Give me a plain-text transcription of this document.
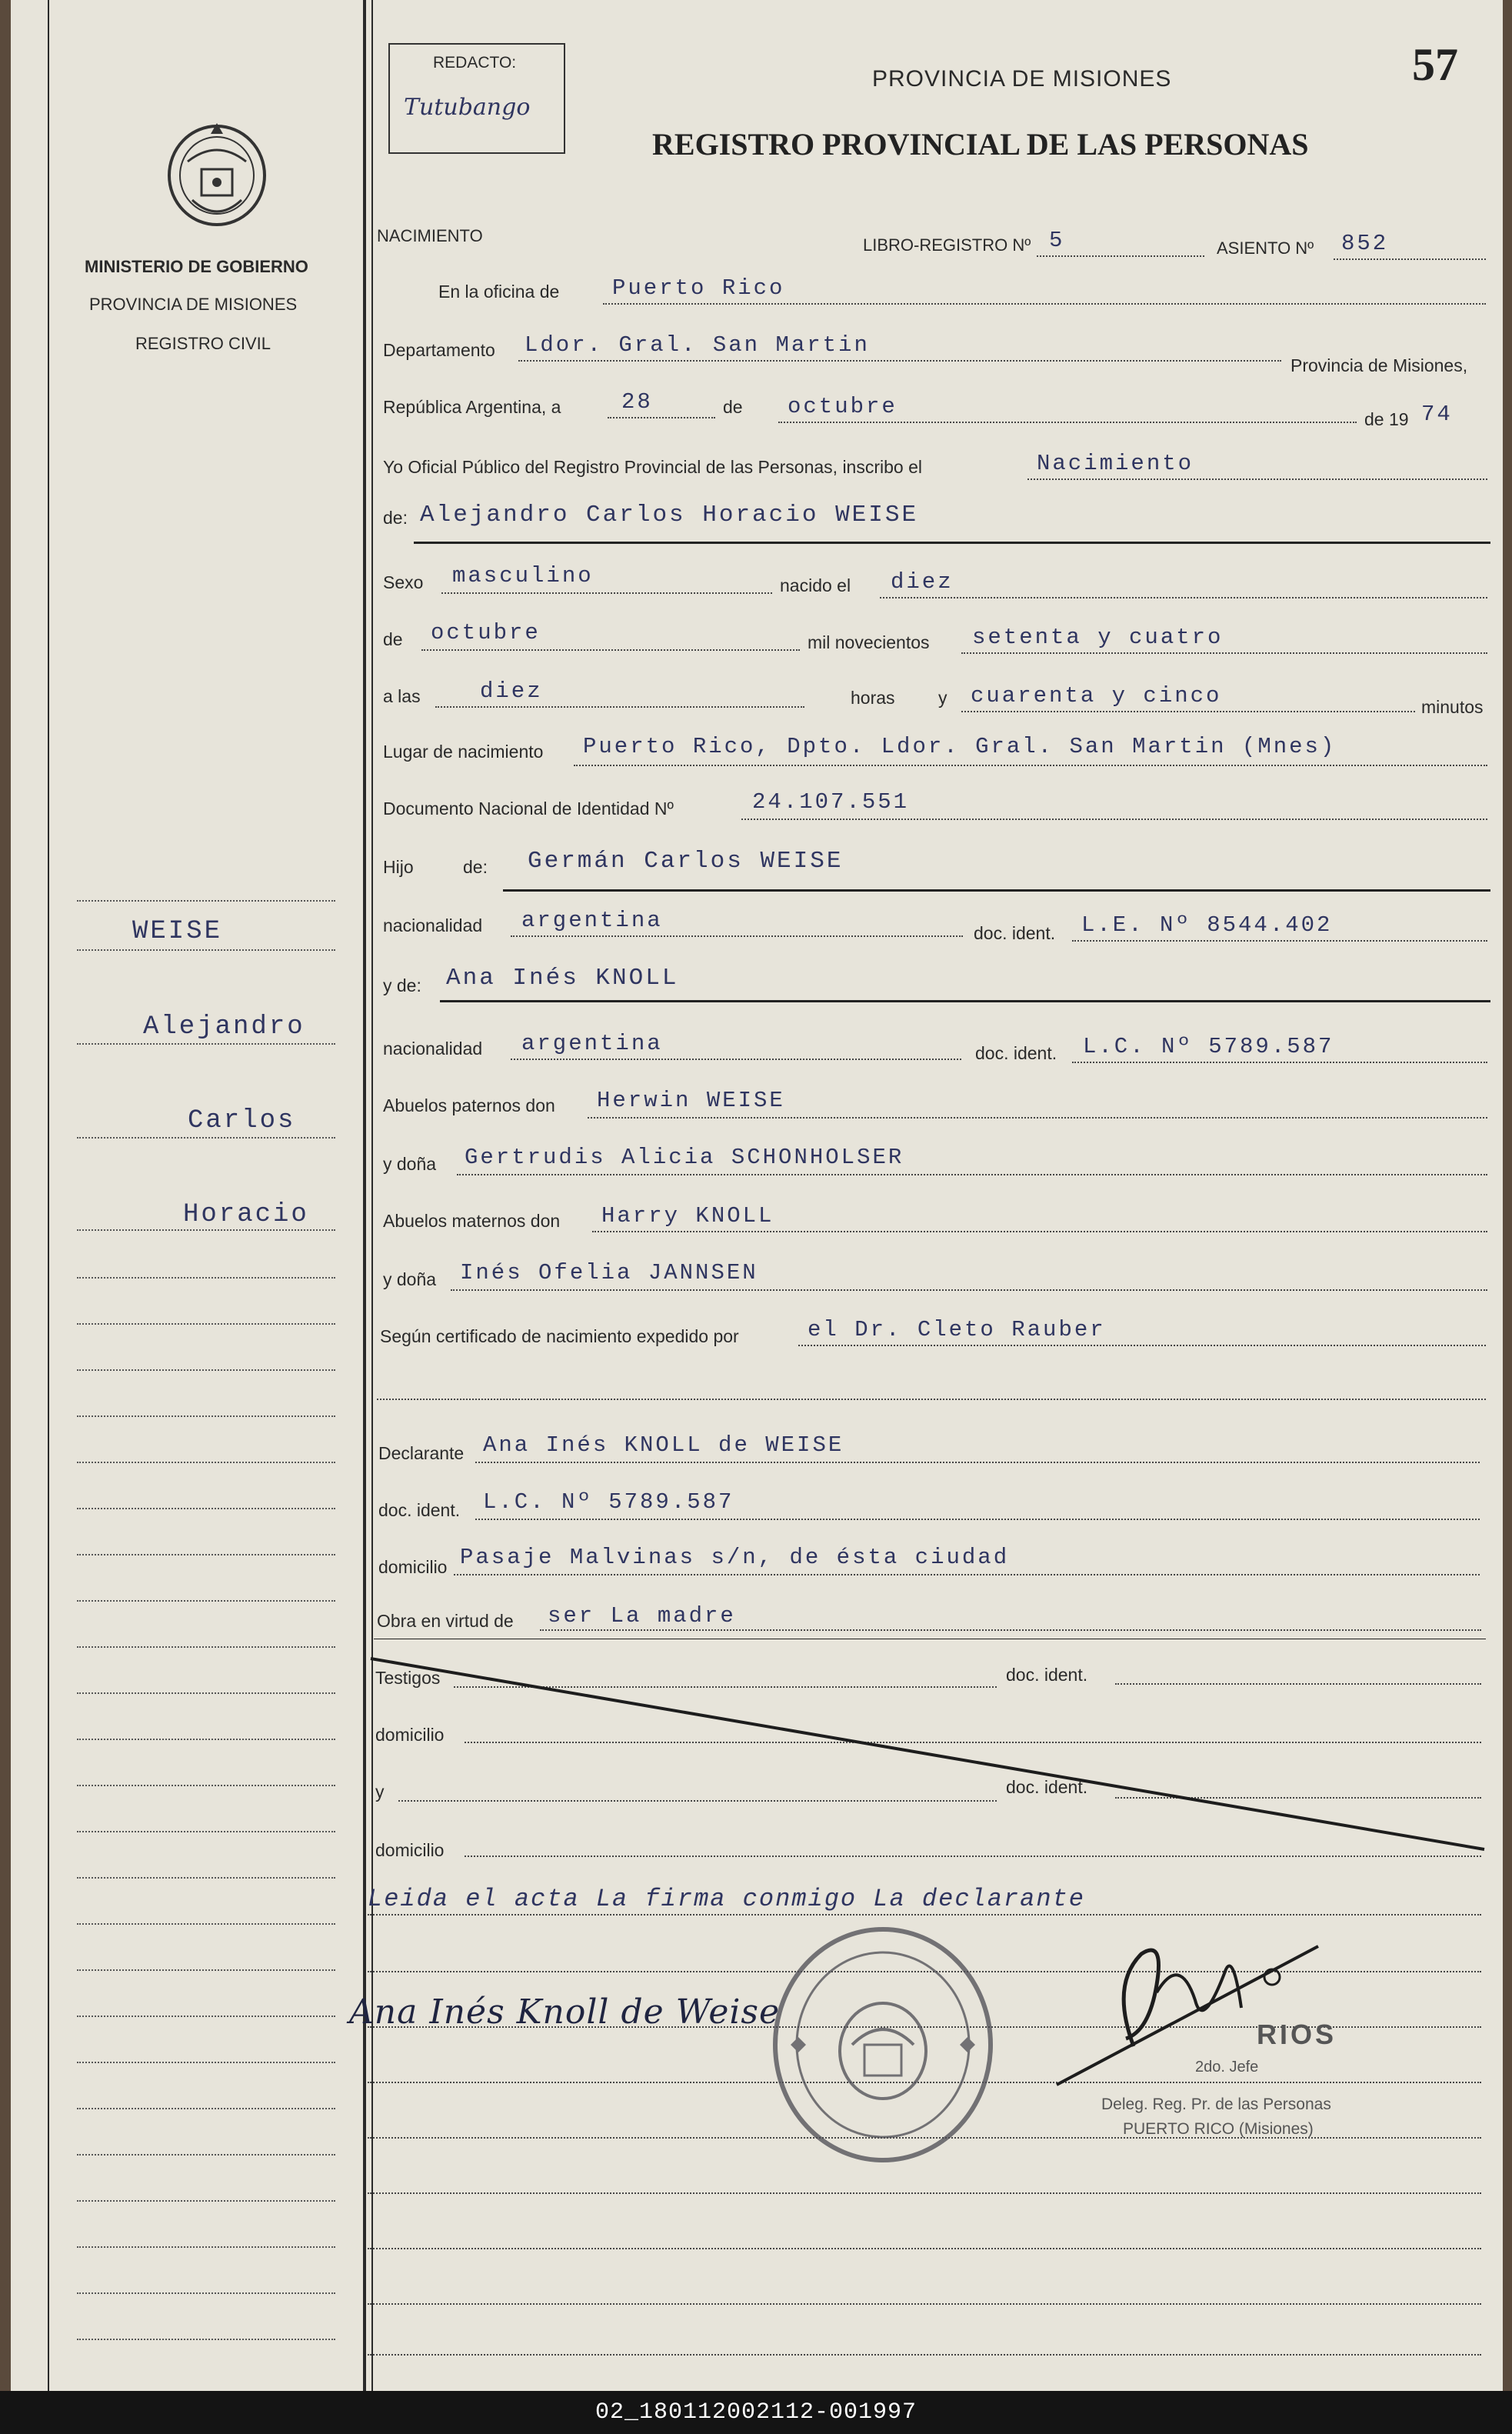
MINISTERIO DE GOBIERNO
PROVINCIA DE MISIONES
REGISTRO CIVIL
WEISE
Alejandro
Carlos
Horacio
REDACTO:
Tutubango
PROVINCIA DE MISIONES
REGISTRO PROVINCIAL DE LAS PERSONAS
57
NACIMIENTO	LIBRO-REGISTRO Nº 5	ASIENTO Nº 852
En la oficina de Puerto Rico
Departamento Ldor. Gral. San Martin
Provincia de Misiones,
República Argentina, a	28	de octubre	de 19 74
Yo Oficial Público del Registro Provincial de las Personas, inscribo el	Nacimiento
de: Alejandro Carlos Horacio WEISE
Sexo masculino	nacido el diez
de octubre	mil novecientos setenta y cuatro
a las	diez	horas y cuarenta y cinco	minutos
Lugar de nacimiento Puerto Rico, Dpto. Ldor. Gral. San Martin (Mnes)
Documento Nacional de Identidad Nº	24.107.551
Hijo	de: Germán Carlos WEISE
nacionalidad argentina	doc. ident. L.E. Nº 8544.402
y de: Ana Inés KNOLL
nacionalidad argentina	doc. ident. L.C. Nº 5789.587
Abuelos paternos don Herwin WEISE
y doña Gertrudis Alicia SCHONHOLSER
Abuelos maternos don Harry KNOLL
y doña Inés Ofelia JANNSEN
Según certificado de nacimiento expedido por	el Dr. Cleto Rauber
Declarante Ana Inés KNOLL de WEISE
doc. ident. L.C. Nº 5789.587
domicilio Pasaje Malvinas s/n, de ésta ciudad
Obra en virtud de ser La madre
Testigos	doc. ident.
domicilio
y	doc. ident.
domicilio
Leida el acta La firma conmigo La declarante
Ana Inés Knoll de Weise
RIOS
2do. Jefe
Deleg. Reg. Pr. de las Personas
PUERTO RICO (Misiones)
02_180112002112-001997
